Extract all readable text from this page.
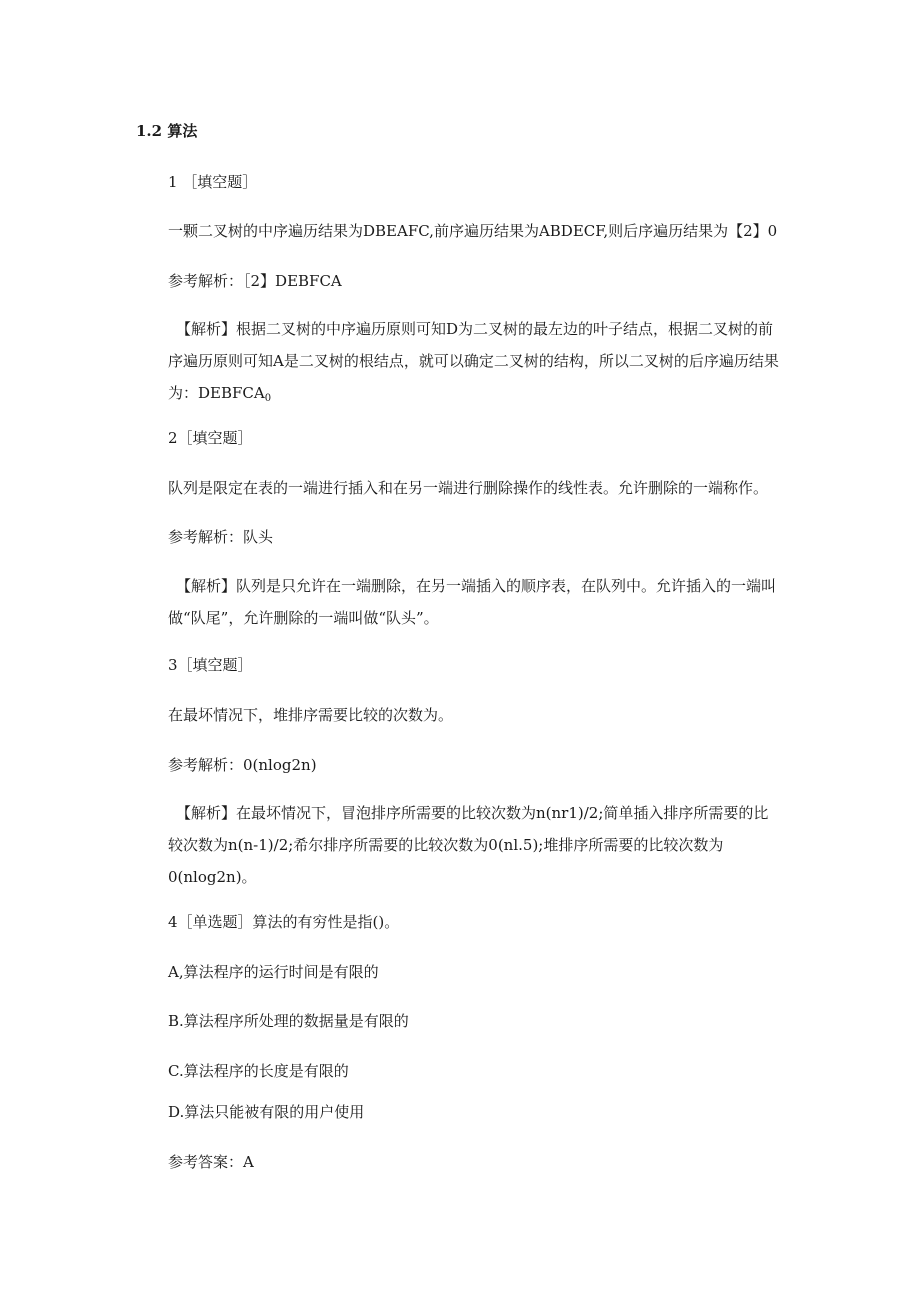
1.2 算法
1 ［填空题］
一颗二叉树的中序遍历结果为DBEAFC,前序遍历结果为ABDECF,则后序遍历结果为【2】0
参考解析：［2】DEBFCA
【解析】根据二叉树的中序遍历原则可知D为二叉树的最左边的叶子结点，根据二叉树的前序遍历原则可知A是二叉树的根结点，就可以确定二叉树的结构，所以二叉树的后序遍历结果为：$DEBFCA_0$
2［填空题］
队列是限定在表的一端进行插入和在另一端进行删除操作的线性表。允许删除的一端称作。
参考解析：队头
【解析】队列是只允许在一端删除，在另一端插入的顺序表，在队列中。允许插入的一端叫做“队尾”，允许删除的一端叫做“队头”。
3［填空题］
在最坏情况下，堆排序需要比较的次数为。
参考解析：0(nlog2n)
【解析】在最坏情况下，冒泡排序所需要的比较次数为n(nr1)/2;简单插入排序所需要的比较次数为n(n-1)/2;希尔排序所需要的比较次数为0(nl.5);堆排序所需要的比较次数为0(nlog2n)。
4［单选题］算法的有穷性是指()。
A,算法程序的运行时间是有限的
B.算法程序所处理的数据量是有限的
C.算法程序的长度是有限的
D.算法只能被有限的用户使用
参考答案：A
